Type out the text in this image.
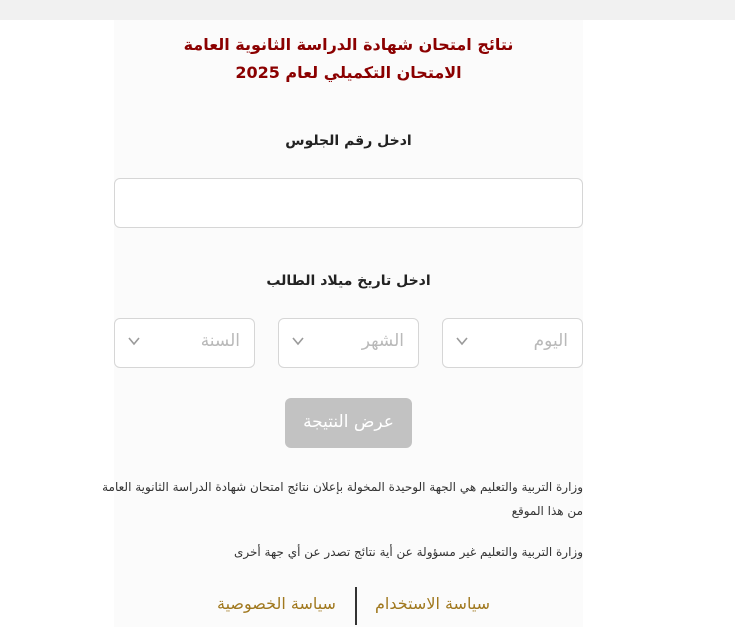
نتائج امتحان شهادة الدراسة الثانوية العامة
الامتحان التكميلي لعام 2025
ادخل رقم الجلوس
ادخل تاريخ ميلاد الطالب
اليوم
الشهر
السنة
عرض النتيجة
وزارة التربية والتعليم هي الجهة الوحيدة المخولة بإعلان نتائج امتحان شهادة الدراسة الثانوية العامة
من هذا الموقع
وزارة التربية والتعليم غير مسؤولة عن أية نتائج تصدر عن أي جهة أخرى
سياسة الاستخدام
سياسة الخصوصية
